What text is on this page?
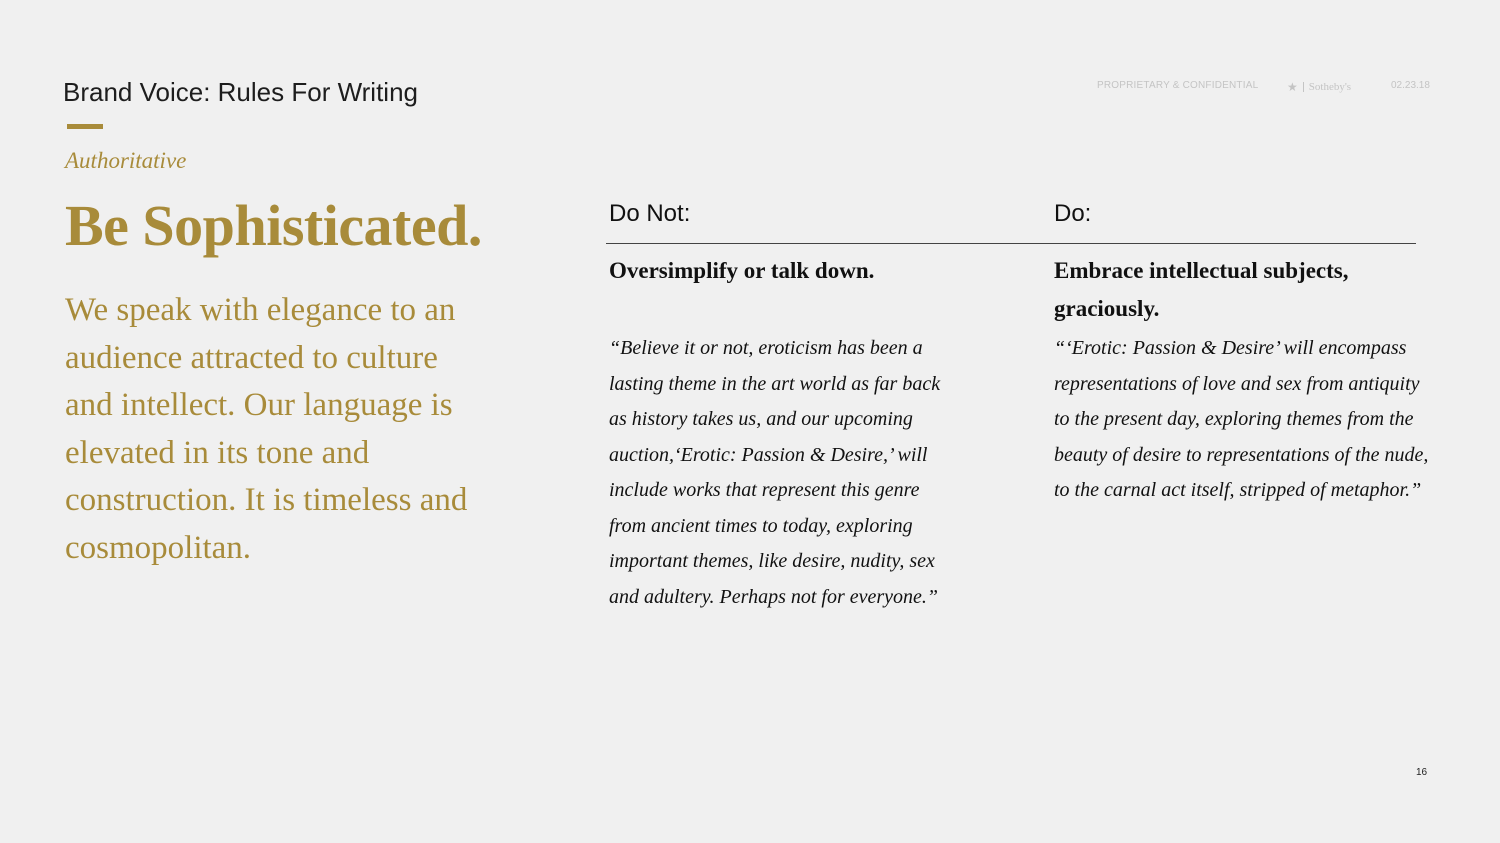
Brand Voice: Rules For Writing	PROPRIETARY & CONFIDENTIAL ★ Sotheby's	02.23.18
Authoritative
Be Sophisticated.
We speak with elegance to an audience attracted to culture and intellect. Our language is elevated in its tone and construction. It is timeless and cosmopolitan.
Do Not:	Do:
Oversimplify or talk down.	Embrace intellectual subjects, graciously.
“Believe it or not, eroticism has been a lasting theme in the art world as far back as history takes us, and our upcoming auction,‘Erotic: Passion & Desire,’ will include works that represent this genre from ancient times to today, exploring important themes, like desire, nudity, sex and adultery. Perhaps not for everyone.”
“‘Erotic: Passion & Desire’ will encompass representations of love and sex from antiquity to the present day, exploring themes from the beauty of desire to representations of the nude, to the carnal act itself, stripped of metaphor.”
16
